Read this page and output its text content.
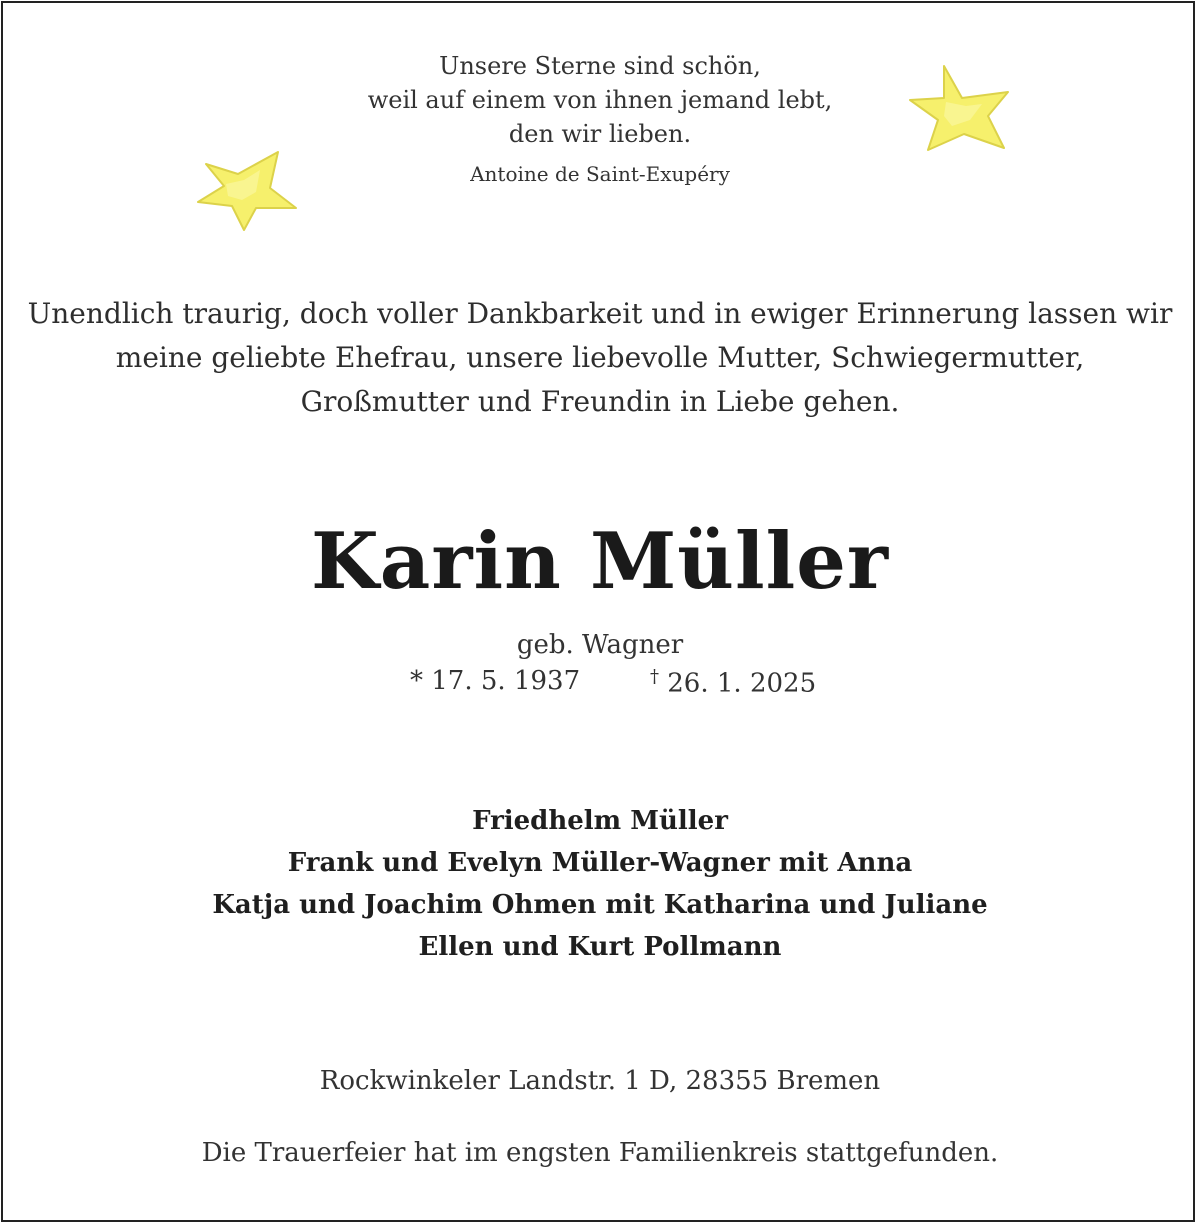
Unsere Sterne sind schön,
weil auf einem von ihnen jemand lebt,
den wir lieben.
Antoine de Saint-Exupéry
Unendlich traurig, doch voller Dankbarkeit und in ewiger Erinnerung lassen wir
meine geliebte Ehefrau, unsere liebevolle Mutter, Schwiegermutter,
Großmutter und Freundin in Liebe gehen.
Karin Müller
geb. Wagner
* 17. 5. 1937	† 26. 1. 2025
Friedhelm Müller
Frank und Evelyn Müller-Wagner mit Anna
Katja und Joachim Ohmen mit Katharina und Juliane
Ellen und Kurt Pollmann
Rockwinkeler Landstr. 1 D, 28355 Bremen
Die Trauerfeier hat im engsten Familienkreis stattgefunden.
